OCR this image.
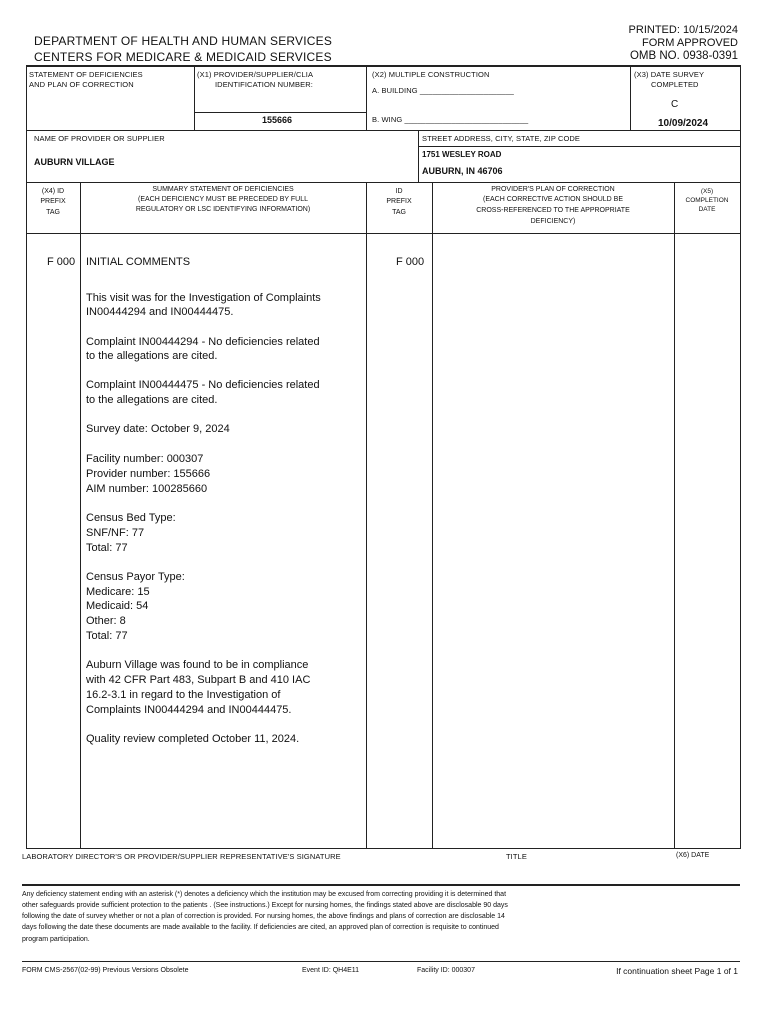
DEPARTMENT OF HEALTH AND HUMAN SERVICES
CENTERS FOR MEDICARE & MEDICAID SERVICES
PRINTED: 10/15/2024
FORM APPROVED
OMB NO. 0938-0391
STATEMENT OF DEFICIENCIES
AND PLAN OF CORRECTION
(X1) PROVIDER/SUPPLIER/CLIA
IDENTIFICATION NUMBER:
155666
(X2) MULTIPLE CONSTRUCTION
A. BUILDING ______________________
B. WING _____________________________
(X3) DATE SURVEY
COMPLETED
C
10/09/2024
NAME OF PROVIDER OR SUPPLIER
AUBURN VILLAGE
STREET ADDRESS, CITY, STATE, ZIP CODE
1751 WESLEY ROAD
AUBURN, IN 46706
(X4) ID
PREFIX
TAG
SUMMARY STATEMENT OF DEFICIENCIES
(EACH DEFICIENCY MUST BE PRECEDED BY FULL
REGULATORY OR LSC IDENTIFYING INFORMATION)
ID
PREFIX
TAG
PROVIDER'S PLAN OF CORRECTION
(EACH CORRECTIVE ACTION SHOULD BE
CROSS-REFERENCED TO THE APPROPRIATE
DEFICIENCY)
(X5)
COMPLETION
DATE
F 000 INITIAL COMMENTS	F 000
This visit was for the Investigation of Complaints
IN00444294 and IN00444475.
Complaint IN00444294 - No deficiencies related
to the allegations are cited.
Complaint IN00444475 - No deficiencies related
to the allegations are cited.
Survey date: October 9, 2024
Facility number: 000307
Provider number: 155666
AIM number: 100285660
Census Bed Type:
SNF/NF: 77
Total: 77
Census Payor Type:
Medicare: 15
Medicaid: 54
Other: 8
Total: 77
Auburn Village was found to be in compliance
with 42 CFR Part 483, Subpart B and 410 IAC
16.2-3.1 in regard to the Investigation of
Complaints IN00444294 and IN00444475.
Quality review completed October 11, 2024.
LABORATORY DIRECTOR'S OR PROVIDER/SUPPLIER REPRESENTATIVE'S SIGNATURE	TITLE	(X6) DATE
Any deficiency statement ending with an asterisk (*) denotes a deficiency which the institution may be excused from correcting providing it is determined that
other safeguards provide sufficient protection to the patients . (See instructions.) Except for nursing homes, the findings stated above are disclosable 90 days
following the date of survey whether or not a plan of correction is provided. For nursing homes, the above findings and plans of correction are disclosable 14
days following the date these documents are made available to the facility. If deficiencies are cited, an approved plan of correction is requisite to continued
program participation.
FORM CMS-2567(02-99) Previous Versions Obsolete	Event ID: QH4E11	Facility ID: 000307	If continuation sheet Page 1 of 1
